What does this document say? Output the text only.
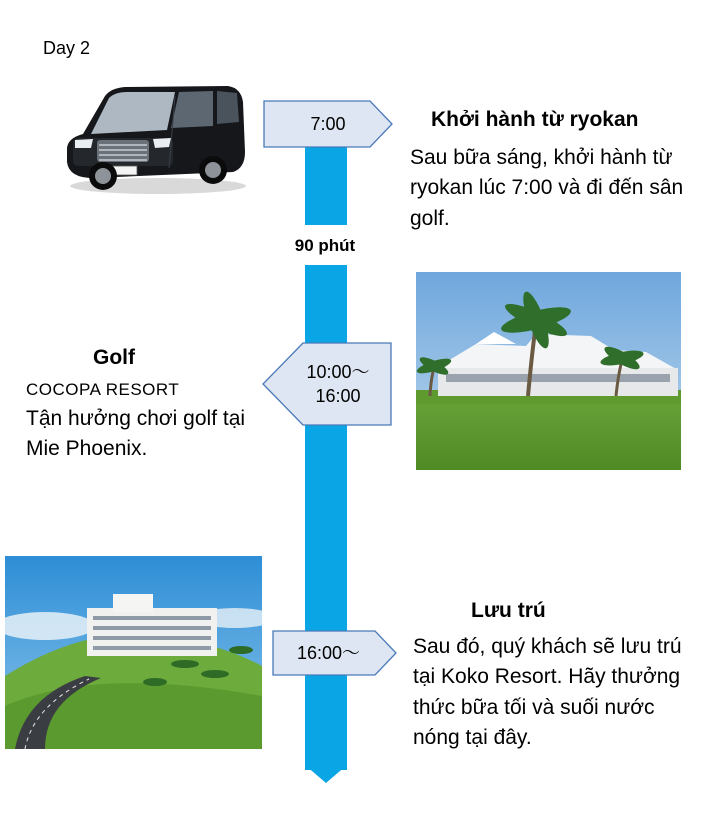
Day 2
90 phút
7:00
10:00～
16:00
16:00～
Khởi hành từ ryokan
Sau bữa sáng, khởi hành từ ryokan lúc 7:00 và đi đến sân golf.
Golf
COCOPA RESORT
Tận hưởng chơi golf tại Mie Phoenix.
Lưu trú
Sau đó, quý khách sẽ lưu trú tại Koko Resort. Hãy thưởng thức bữa tối và suối nước nóng tại đây.
